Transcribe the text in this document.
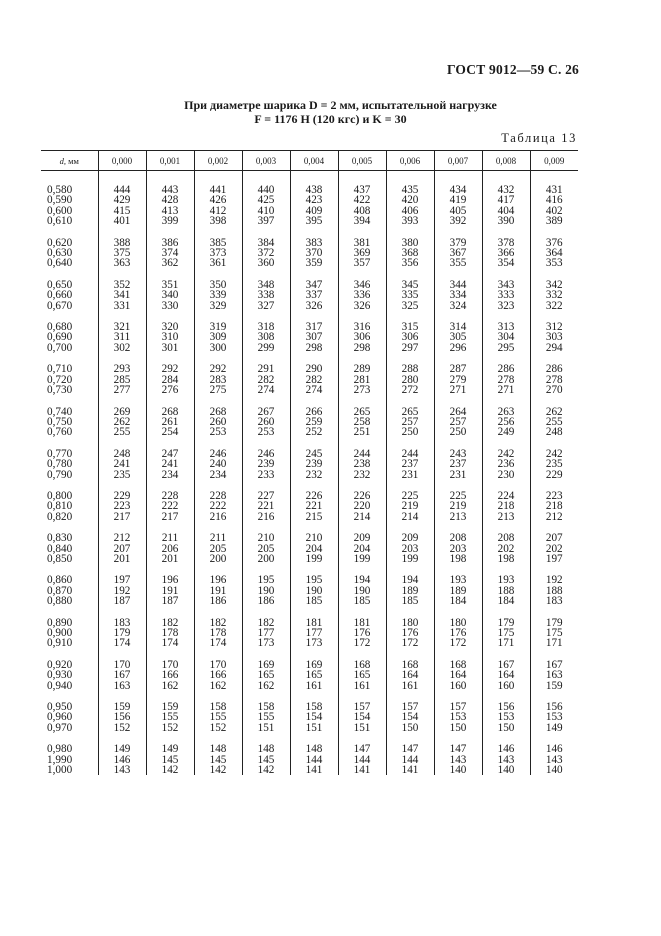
ГОСТ 9012—59 С. 26
При диаметре шарика D = 2 мм, испытательной нагрузке
F = 1176 Н (120 кгс) и K = 30
Таблица 13
d, мм	0,000	0,001	0,002	0,003	0,004	0,005	0,006	0,007	0,008	0,009

0,580	444	443	441	440	438	437	435	434	432	431
0,590	429	428	426	425	423	422	420	419	417	416
0,600	415	413	412	410	409	408	406	405	404	402
0,610	401	399	398	397	395	394	393	392	390	389

0,620	388	386	385	384	383	381	380	379	378	376
0,630	375	374	373	372	370	369	368	367	366	364
0,640	363	362	361	360	359	357	356	355	354	353

0,650	352	351	350	348	347	346	345	344	343	342
0,660	341	340	339	338	337	336	335	334	333	332
0,670	331	330	329	327	326	326	325	324	323	322

0,680	321	320	319	318	317	316	315	314	313	312
0,690	311	310	309	308	307	306	306	305	304	303
0,700	302	301	300	299	298	298	297	296	295	294

0,710	293	292	292	291	290	289	288	287	286	286
0,720	285	284	283	282	282	281	280	279	278	278
0,730	277	276	275	274	274	273	272	271	271	270

0,740	269	268	268	267	266	265	265	264	263	262
0,750	262	261	260	260	259	258	257	257	256	255
0,760	255	254	253	253	252	251	250	250	249	248

0,770	248	247	246	246	245	244	244	243	242	242
0,780	241	241	240	239	239	238	237	237	236	235
0,790	235	234	234	233	232	232	231	231	230	229

0,800	229	228	228	227	226	226	225	225	224	223
0,810	223	222	222	221	221	220	219	219	218	218
0,820	217	217	216	216	215	214	214	213	213	212

0,830	212	211	211	210	210	209	209	208	208	207
0,840	207	206	205	205	204	204	203	203	202	202
0,850	201	201	200	200	199	199	199	198	198	197

0,860	197	196	196	195	195	194	194	193	193	192
0,870	192	191	191	190	190	190	189	189	188	188
0,880	187	187	186	186	185	185	185	184	184	183

0,890	183	182	182	182	181	181	180	180	179	179
0,900	179	178	178	177	177	176	176	176	175	175
0,910	174	174	174	173	173	172	172	172	171	171

0,920	170	170	170	169	169	168	168	168	167	167
0,930	167	166	166	165	165	165	164	164	164	163
0,940	163	162	162	162	161	161	161	160	160	159

0,950	159	159	158	158	158	157	157	157	156	156
0,960	156	155	155	155	154	154	154	153	153	153
0,970	152	152	152	151	151	151	150	150	150	149

0,980	149	149	148	148	148	147	147	147	146	146
1,990	146	145	145	145	144	144	144	143	143	143
1,000	143	142	142	142	141	141	141	140	140	140
